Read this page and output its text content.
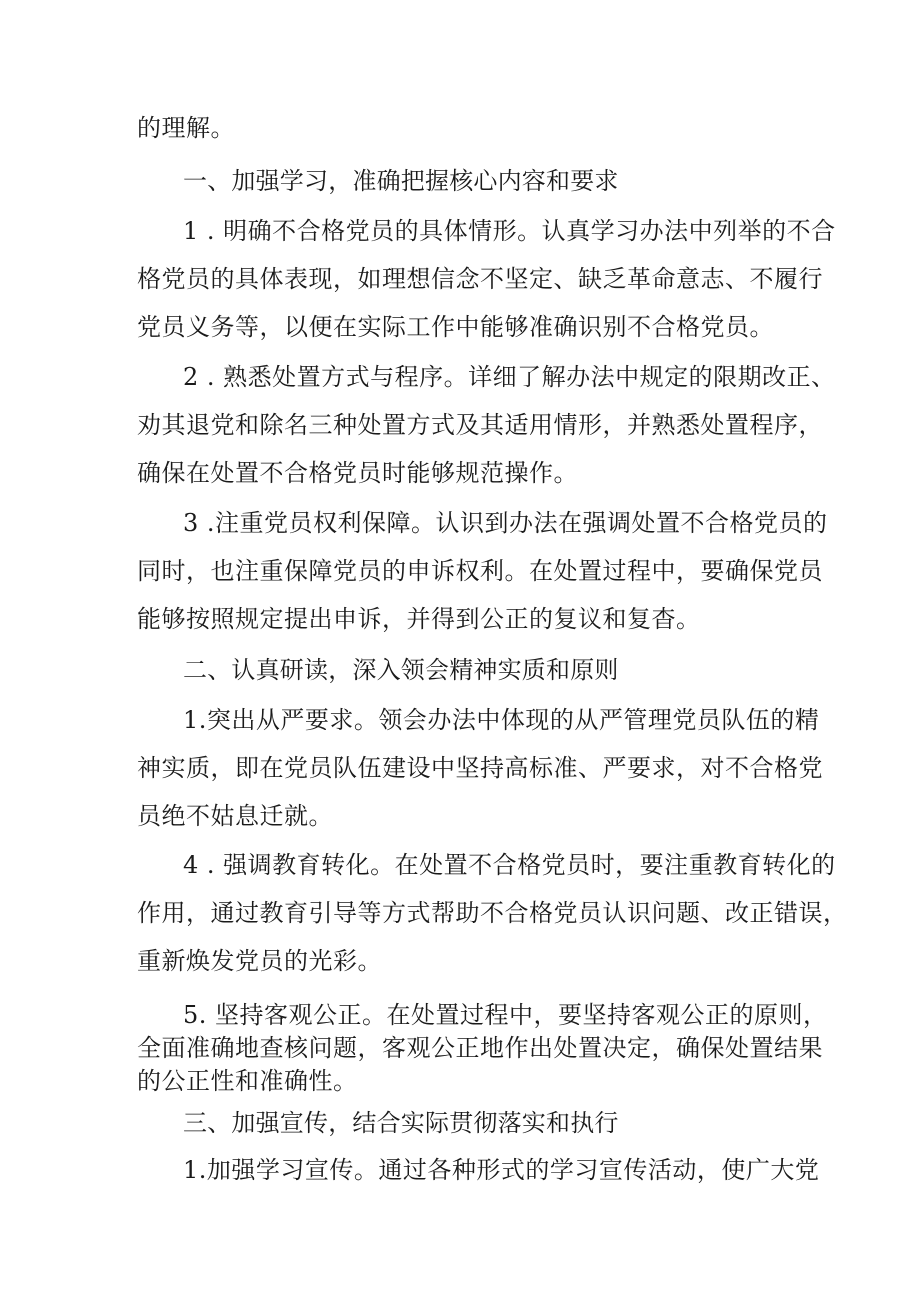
的理解。
一、加强学习，准确把握核心内容和要求
1 . 明确不合格党员的具体情形。认真学习办法中列举的不合
格党员的具体表现，如理想信念不坚定、缺乏革命意志、不履行
党员义务等，以便在实际工作中能够准确识别不合格党员。
2 . 熟悉处置方式与程序。详细了解办法中规定的限期改正、
劝其退党和除名三种处置方式及其适用情形，并熟悉处置程序，
确保在处置不合格党员时能够规范操作。
3 .注重党员权利保障。认识到办法在强调处置不合格党员的
同时，也注重保障党员的申诉权利。在处置过程中，要确保党员
能够按照规定提出申诉，并得到公正的复议和复杳。
二、认真研读，深入领会精神实质和原则
1.突出从严要求。领会办法中体现的从严管理党员队伍的精
神实质，即在党员队伍建设中坚持高标准、严要求，对不合格党
员绝不姑息迁就。
4 . 强调教育转化。在处置不合格党员时，要注重教育转化的
作用，通过教育引导等方式帮助不合格党员认识问题、改正错误，
重新焕发党员的光彩。
5. 坚持客观公正。在处置过程中，要坚持客观公正的原则，
全面准确地查核问题，客观公正地作出处置决定，确保处置结果
的公正性和准确性。
三、加强宣传，结合实际贯彻落实和执行
1.加强学习宣传。通过各种形式的学习宣传活动，使广大党
